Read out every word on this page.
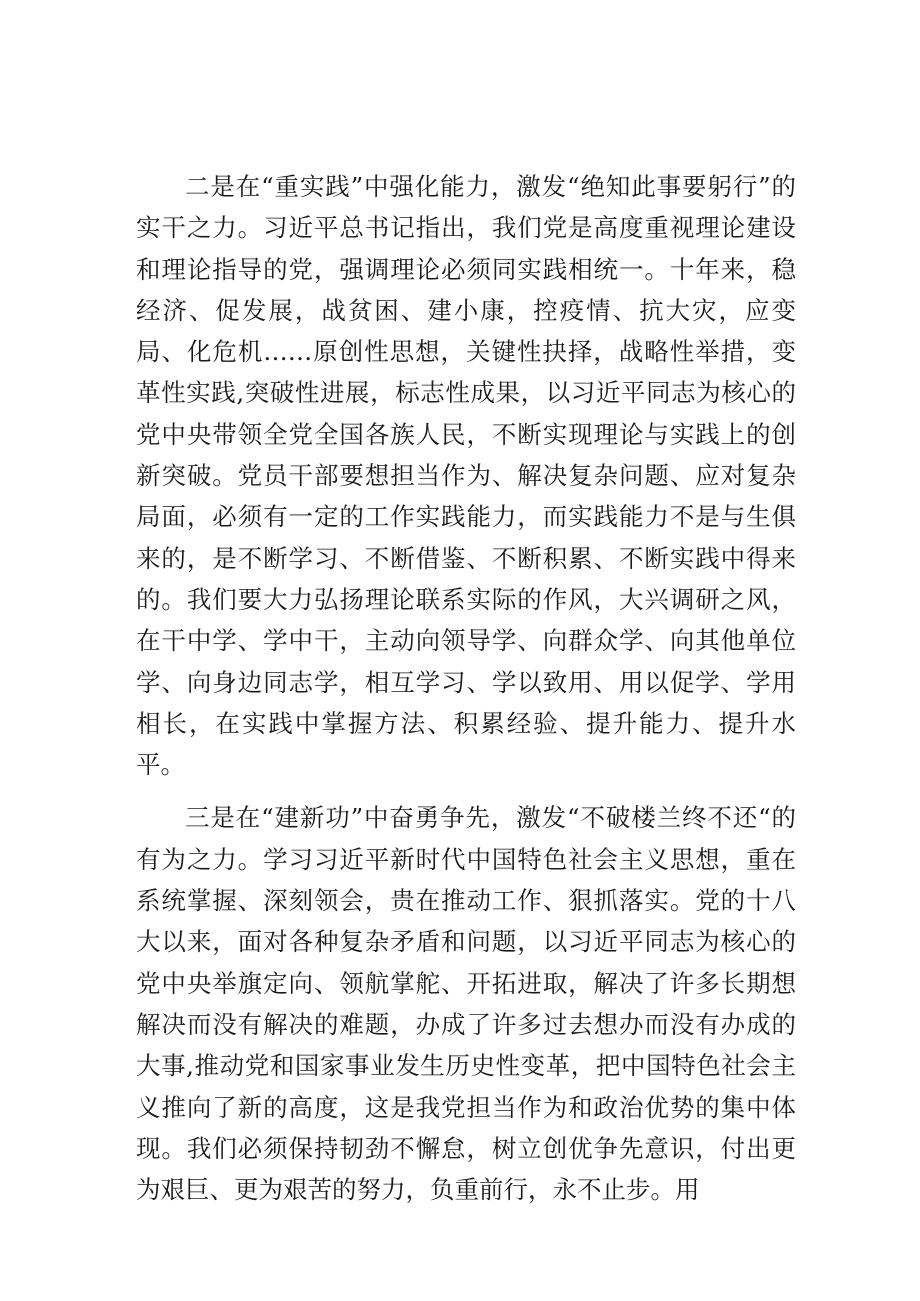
二是在“重实践”中强化能力，激发“绝知此事要躬行”的实干之力。习近平总书记指出，我们党是高度重视理论建设和理论指导的党，强调理论必须同实践相统一。十年来，稳经济、促发展，战贫困、建小康，控疫情、抗大灾，应变局、化危机……原创性思想，关键性抉择，战略性举措，变革性实践,突破性进展，标志性成果，以习近平同志为核心的党中央带领全党全国各族人民，不断实现理论与实践上的创新突破。党员干部要想担当作为、解决复杂问题、应对复杂局面，必须有一定的工作实践能力，而实践能力不是与生俱来的，是不断学习、不断借鉴、不断积累、不断实践中得来的。我们要大力弘扬理论联系实际的作风，大兴调研之风，在干中学、学中干，主动向领导学、向群众学、向其他单位学、向身边同志学，相互学习、学以致用、用以促学、学用相长，在实践中掌握方法、积累经验、提升能力、提升水平。

三是在“建新功”中奋勇争先，激发“不破楼兰终不还“的有为之力。学习习近平新时代中国特色社会主义思想，重在系统掌握、深刻领会，贵在推动工作、狠抓落实。党的十八大以来，面对各种复杂矛盾和问题，以习近平同志为核心的党中央举旗定向、领航掌舵、开拓进取，解决了许多长期想解决而没有解决的难题，办成了许多过去想办而没有办成的大事,推动党和国家事业发生历史性变革，把中国特色社会主义推向了新的高度，这是我党担当作为和政治优势的集中体现。我们必须保持韧劲不懈怠，树立创优争先意识，付出更为艰巨、更为艰苦的努力，负重前行，永不止步。用
